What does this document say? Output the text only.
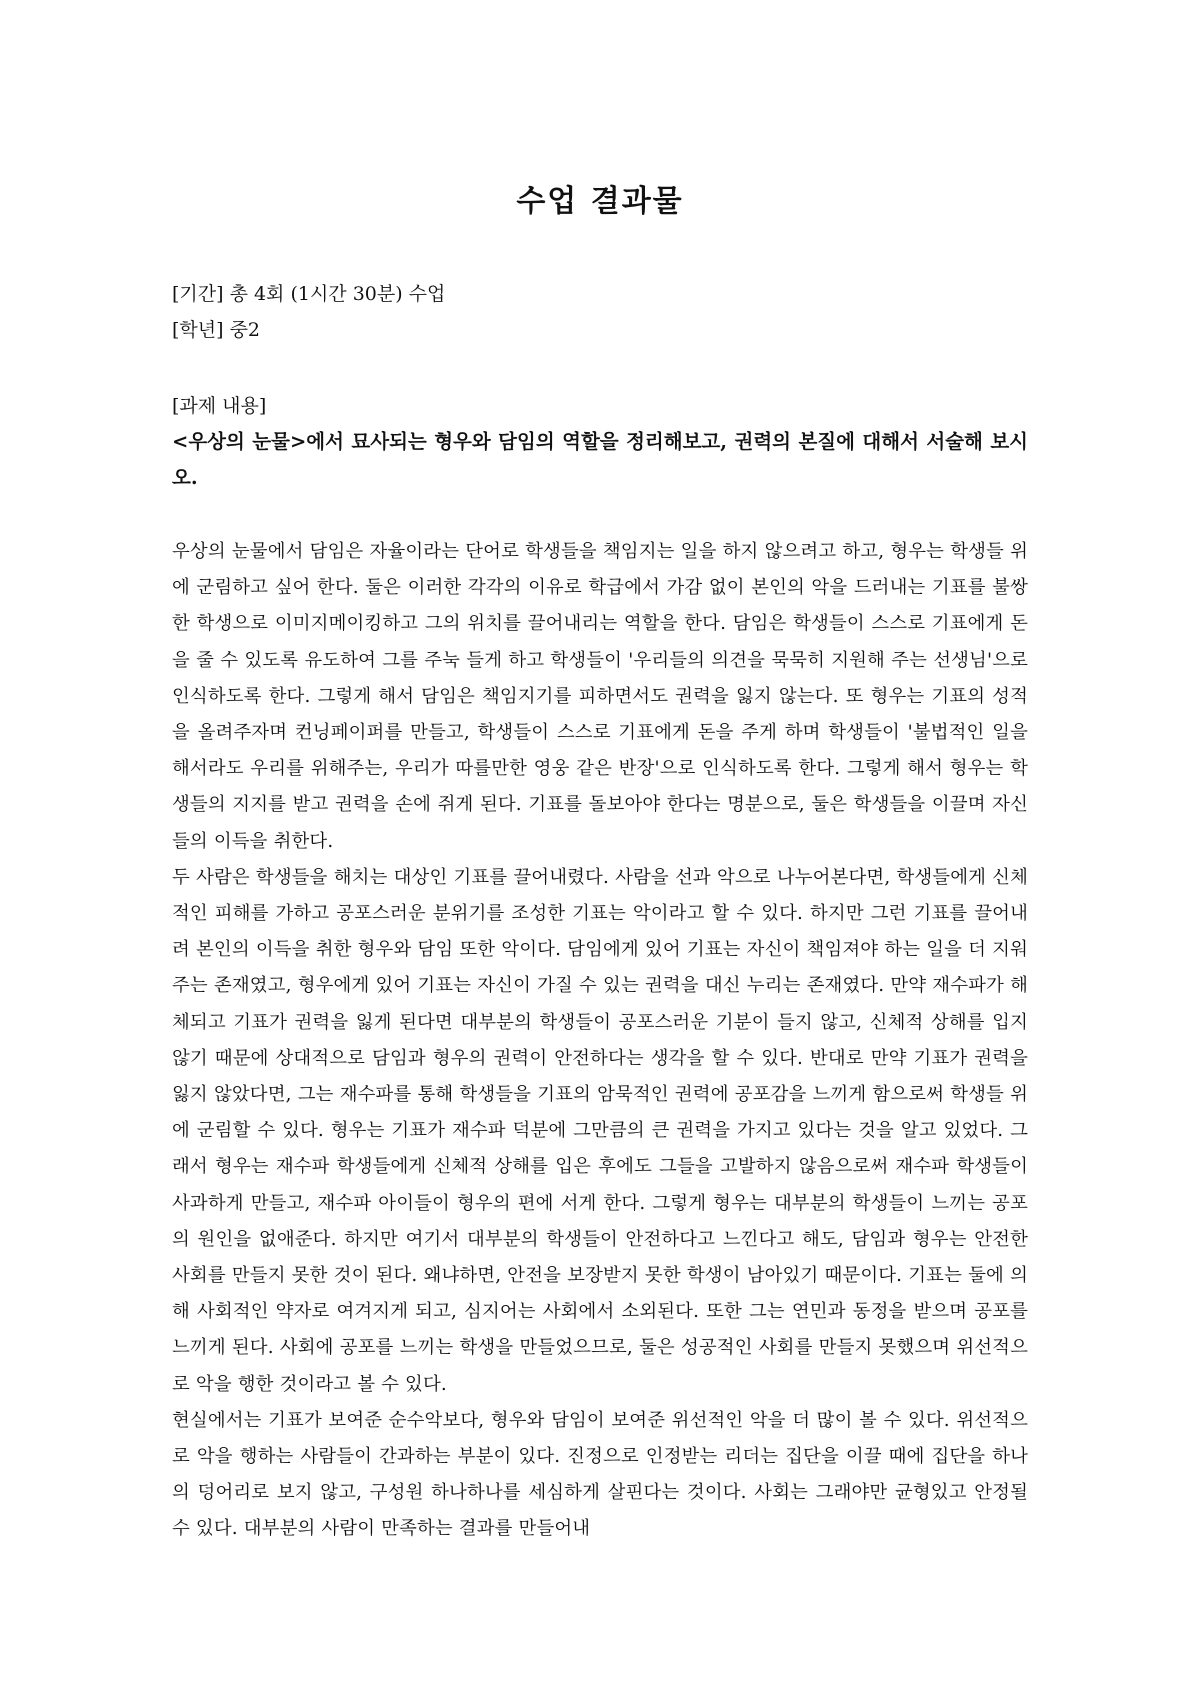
수업 결과물

[기간] 총 4회 (1시간 30분) 수업

[학년] 중2

[과제 내용]

<우상의 눈물>에서 묘사되는 형우와 담임의 역할을 정리해보고, 권력의 본질에 대해서 서술해 보시오.

우상의 눈물에서 담임은 자율이라는 단어로 학생들을 책임지는 일을 하지 않으려고 하고, 형우는 학생들 위에 군림하고 싶어 한다. 둘은 이러한 각각의 이유로 학급에서 가감 없이 본인의 악을 드러내는 기표를 불쌍한 학생으로 이미지메이킹하고 그의 위치를 끌어내리는 역할을 한다. 담임은 학생들이 스스로 기표에게 돈을 줄 수 있도록 유도하여 그를 주눅 들게 하고 학생들이 '우리들의 의견을 묵묵히 지원해 주는 선생님'으로 인식하도록 한다. 그렇게 해서 담임은 책임지기를 피하면서도 권력을 잃지 않는다. 또 형우는 기표의 성적을 올려주자며 컨닝페이퍼를 만들고, 학생들이 스스로 기표에게 돈을 주게 하며 학생들이 '불법적인 일을 해서라도 우리를 위해주는, 우리가 따를만한 영웅 같은 반장'으로 인식하도록 한다. 그렇게 해서 형우는 학생들의 지지를 받고 권력을 손에 쥐게 된다. 기표를 돌보아야 한다는 명분으로, 둘은 학생들을 이끌며 자신들의 이득을 취한다.

두 사람은 학생들을 해치는 대상인 기표를 끌어내렸다. 사람을 선과 악으로 나누어본다면, 학생들에게 신체적인 피해를 가하고 공포스러운 분위기를 조성한 기표는 악이라고 할 수 있다. 하지만 그런 기표를 끌어내려 본인의 이득을 취한 형우와 담임 또한 악이다. 담임에게 있어 기표는 자신이 책임져야 하는 일을 더 지워주는 존재였고, 형우에게 있어 기표는 자신이 가질 수 있는 권력을 대신 누리는 존재였다. 만약 재수파가 해체되고 기표가 권력을 잃게 된다면 대부분의 학생들이 공포스러운 기분이 들지 않고, 신체적 상해를 입지 않기 때문에 상대적으로 담임과 형우의 권력이 안전하다는 생각을 할 수 있다. 반대로 만약 기표가 권력을 잃지 않았다면, 그는 재수파를 통해 학생들을 기표의 암묵적인 권력에 공포감을 느끼게 함으로써 학생들 위에 군림할 수 있다. 형우는 기표가 재수파 덕분에 그만큼의 큰 권력을 가지고 있다는 것을 알고 있었다. 그래서 형우는 재수파 학생들에게 신체적 상해를 입은 후에도 그들을 고발하지 않음으로써 재수파 학생들이 사과하게 만들고, 재수파 아이들이 형우의 편에 서게 한다. 그렇게 형우는 대부분의 학생들이 느끼는 공포의 원인을 없애준다. 하지만 여기서 대부분의 학생들이 안전하다고 느낀다고 해도, 담임과 형우는 안전한 사회를 만들지 못한 것이 된다. 왜냐하면, 안전을 보장받지 못한 학생이 남아있기 때문이다. 기표는 둘에 의해 사회적인 약자로 여겨지게 되고, 심지어는 사회에서 소외된다. 또한 그는 연민과 동정을 받으며 공포를 느끼게 된다. 사회에 공포를 느끼는 학생을 만들었으므로, 둘은 성공적인 사회를 만들지 못했으며 위선적으로 악을 행한 것이라고 볼 수 있다.

현실에서는 기표가 보여준 순수악보다, 형우와 담임이 보여준 위선적인 악을 더 많이 볼 수 있다. 위선적으로 악을 행하는 사람들이 간과하는 부분이 있다. 진정으로 인정받는 리더는 집단을 이끌 때에 집단을 하나의 덩어리로 보지 않고, 구성원 하나하나를 세심하게 살핀다는 것이다. 사회는 그래야만 균형있고 안정될 수 있다. 대부분의 사람이 만족하는 결과를 만들어내
